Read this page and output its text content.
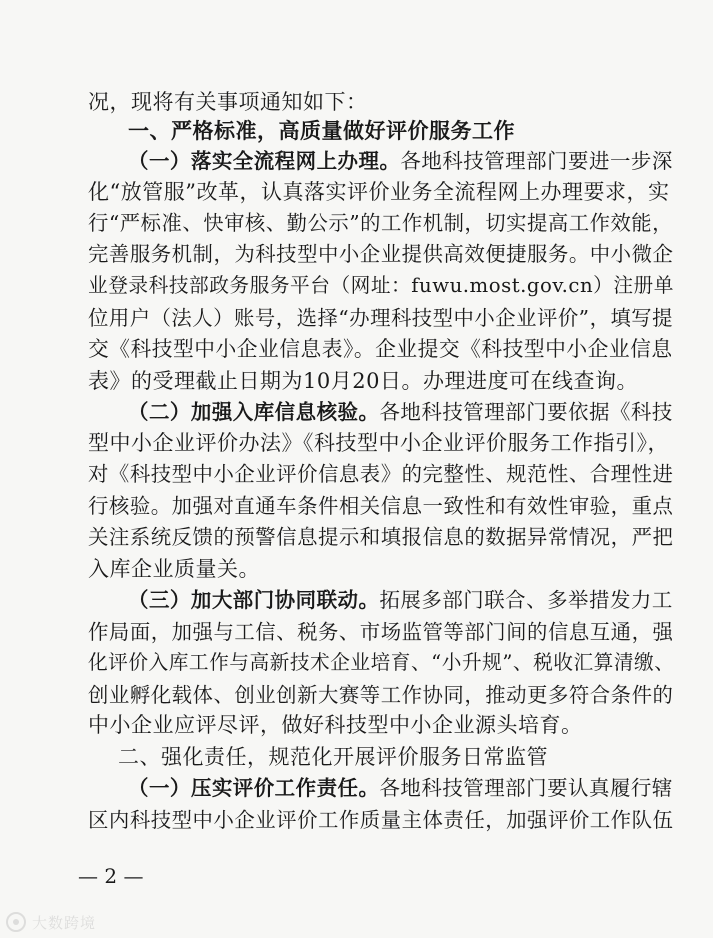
况，现将有关事项通知如下：
一、严格标准，高质量做好评价服务工作
（一）落实全流程网上办理。各地科技管理部门要进一步深
化“放管服”改革，认真落实评价业务全流程网上办理要求，实
行“严标准、快审核、勤公示”的工作机制，切实提高工作效能，
完善服务机制，为科技型中小企业提供高效便捷服务。中小微企
业登录科技部政务服务平台（网址：fuwu.most.gov.cn）注册单
位用户（法人）账号，选择“办理科技型中小企业评价”，填写提
交《科技型中小企业信息表》。企业提交《科技型中小企业信息
表》的受理截止日期为10月20日。办理进度可在线查询。
（二）加强入库信息核验。各地科技管理部门要依据《科技
型中小企业评价办法》《科技型中小企业评价服务工作指引》，
对《科技型中小企业评价信息表》的完整性、规范性、合理性进
行核验。加强对直通车条件相关信息一致性和有效性审验，重点
关注系统反馈的预警信息提示和填报信息的数据异常情况，严把
入库企业质量关。
（三）加大部门协同联动。拓展多部门联合、多举措发力工
作局面，加强与工信、税务、市场监管等部门间的信息互通，强
化评价入库工作与高新技术企业培育、“小升规”、税收汇算清缴、
创业孵化载体、创业创新大赛等工作协同，推动更多符合条件的
中小企业应评尽评，做好科技型中小企业源头培育。
二、强化责任，规范化开展评价服务日常监管
（一）压实评价工作责任。各地科技管理部门要认真履行辖
区内科技型中小企业评价工作质量主体责任，加强评价工作队伍
— 2 —
大数跨境
